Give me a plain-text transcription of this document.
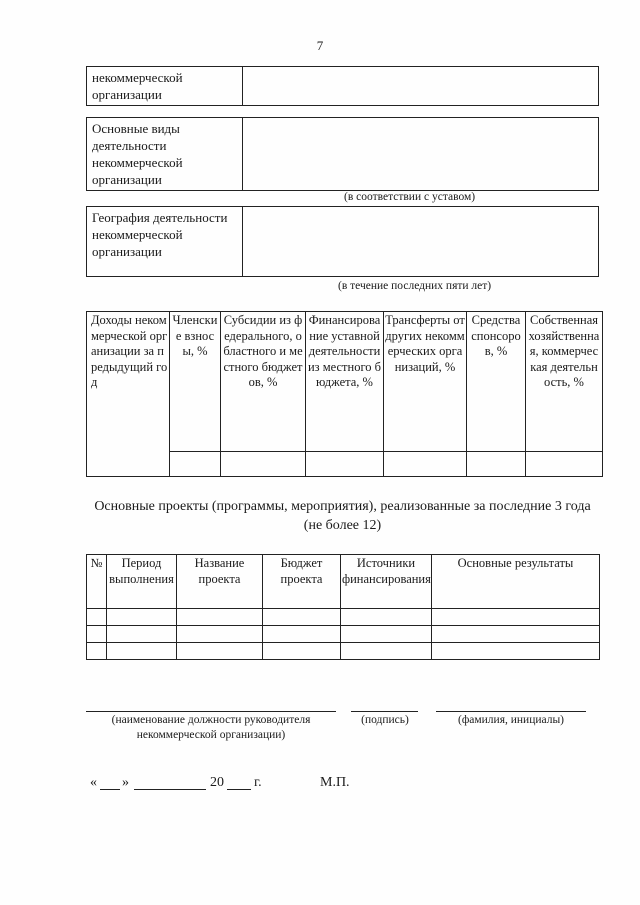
7
некоммерческой организации	
Основные виды деятельности некоммерческой организации	
(в соответствии с уставом)
География деятельности некоммерческой организации	
(в течение последних пяти лет)
Доходы некоммерческой организации за предыдущий год	Членские взносы, %	Субсидии из федерального, областного и местного бюджетов, %	Финансирование уставной деятельности из местного бюджета, %	Трансферты от других некоммерческих организаций, %	Средства спонсоров, %	Собственная хозяйственная, коммерческая деятельность, %

Основные проекты (программы, мероприятия), реализованные за последние 3 года (не более 12)
№	Период выполнения	Название проекта	Бюджет проекта	Источники финансирования	Основные результаты

(наименование должности руководителя некоммерческой организации)
(подпись)	(фамилия, инициалы)
« »	20 г.	М.П.
